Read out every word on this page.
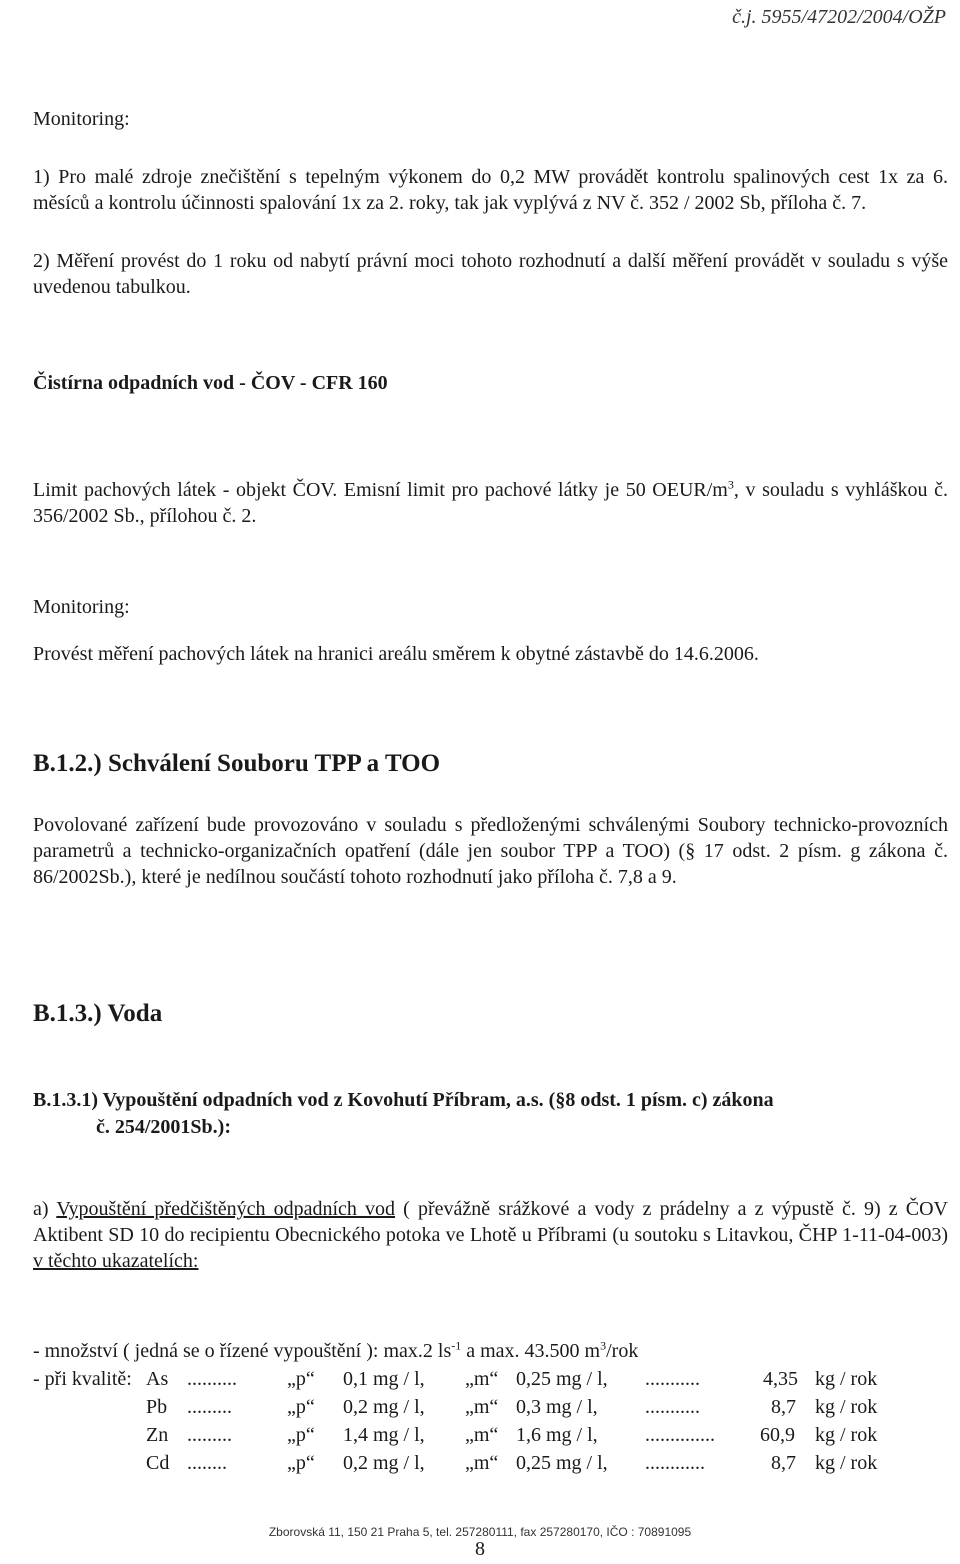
č.j. 5955/47202/2004/OŽP
Monitoring:
1) Pro malé zdroje znečištění s tepelným výkonem do 0,2 MW provádět kontrolu spalinových cest 1x za 6. měsíců a kontrolu účinnosti spalování 1x za 2. roky, tak jak vyplývá z NV č. 352 / 2002 Sb, příloha č. 7.
2) Měření provést do 1 roku od nabytí právní moci tohoto rozhodnutí a další měření provádět v souladu s výše uvedenou tabulkou.
Čistírna odpadních vod - ČOV - CFR 160
Limit pachových látek - objekt ČOV. Emisní limit pro pachové látky je 50 OEUR/$m^3$, v souladu s vyhláškou č. 356/2002 Sb., přílohou č. 2.
Monitoring:
Provést měření pachových látek na hranici areálu směrem k obytné zástavbě do 14.6.2006.
B.1.2.) Schválení Souboru TPP a TOO
Povolované zařízení bude provozováno v souladu s předloženými schválenými Soubory technicko-provozních parametrů a technicko-organizačních opatření (dále jen soubor TPP a TOO) (§ 17 odst. 2 písm. g zákona č. 86/2002Sb.), které je nedílnou součástí tohoto rozhodnutí jako příloha č. 7,8 a 9.
B.1.3.) Voda
B.1.3.1) Vypouštění odpadních vod z Kovohutí Příbram, a.s. (§8 odst. 1 písm. c) zákona
č. 254/2001Sb.):
a) Vypouštění předčištěných odpadních vod ( převážně srážkové a vody z prádelny a z výpustě č. 9) z ČOV Aktibent SD 10 do recipientu Obecnického potoka ve Lhotě u Příbrami (u soutoku s Litavkou, ČHP 1-11-04-003) v těchto ukazatelích:
- množství ( jedná se o řízené vypouštění ): max.2 $ls^{-1}$ a max. 43.500 $m^3$/rok
- při kvalitě: As ..........	„p“ 0,1 mg / l, „m“ 0,25 mg / l, ...........	4,35 kg / rok
Pb .........	„p“ 0,2 mg / l, „m“ 0,3 mg / l, ...........	8,7 kg / rok
Zn .........	„p“ 1,4 mg / l, „m“ 1,6 mg / l, .............. 60,9 kg / rok
Cd ........	„p“ 0,2 mg / l, „m“ 0,25 mg / l, ............	8,7 kg / rok
Zborovská 11, 150 21 Praha 5, tel. 257280111, fax 257280170, IČO : 70891095
8
